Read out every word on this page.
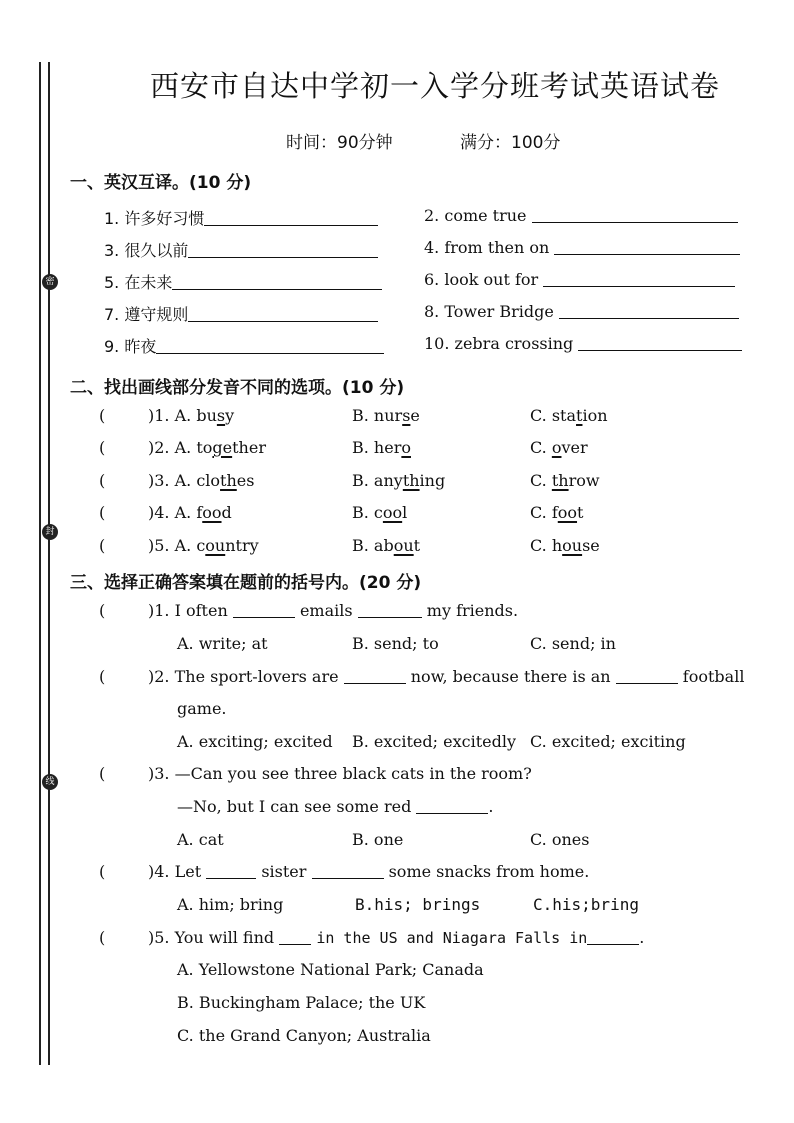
密
封
线
西安市自达中学初一入学分班考试英语试卷
时间：90分钟	满分：100分
一、英汉互译。(10 分)
1. 许多好习惯	2. come true
3. 很久以前	4. from then on
5. 在未来	6. look out for
7. 遵守规则	8. Tower Bridge
9. 昨夜	10. zebra crossing
二、找出画线部分发音不同的选项。(10 分)
(	)1. A. busy	B. nurse	C. station
(	)2. A. together	B. hero	C. over
(	)3. A. clothes	B. anything	C. throw
(	)4. A. food	B. cool	C. foot
(	)5. A. country	B. about	C. house
三、选择正确答案填在题前的括号内。(20 分)
(	)1. I often	emails	my friends.
A. write; at	B. send; to	C. send; in
(	)2. The sport-lovers are	now, because there is an	football
game.
A. exciting; excited B. excited; excitedly C. excited; exciting
(	)3. —Can you see three black cats in the room?
—No, but I can see some red	.
A. cat	B. one	C. ones
(	)4. Let	sister	some snacks from home.
A. him; bring	B.his; brings	C.his;bring
(	)5. You will find	in the US and Niagara Falls in	.
A. Yellowstone National Park; Canada
B. Buckingham Palace; the UK
C. the Grand Canyon; Australia
